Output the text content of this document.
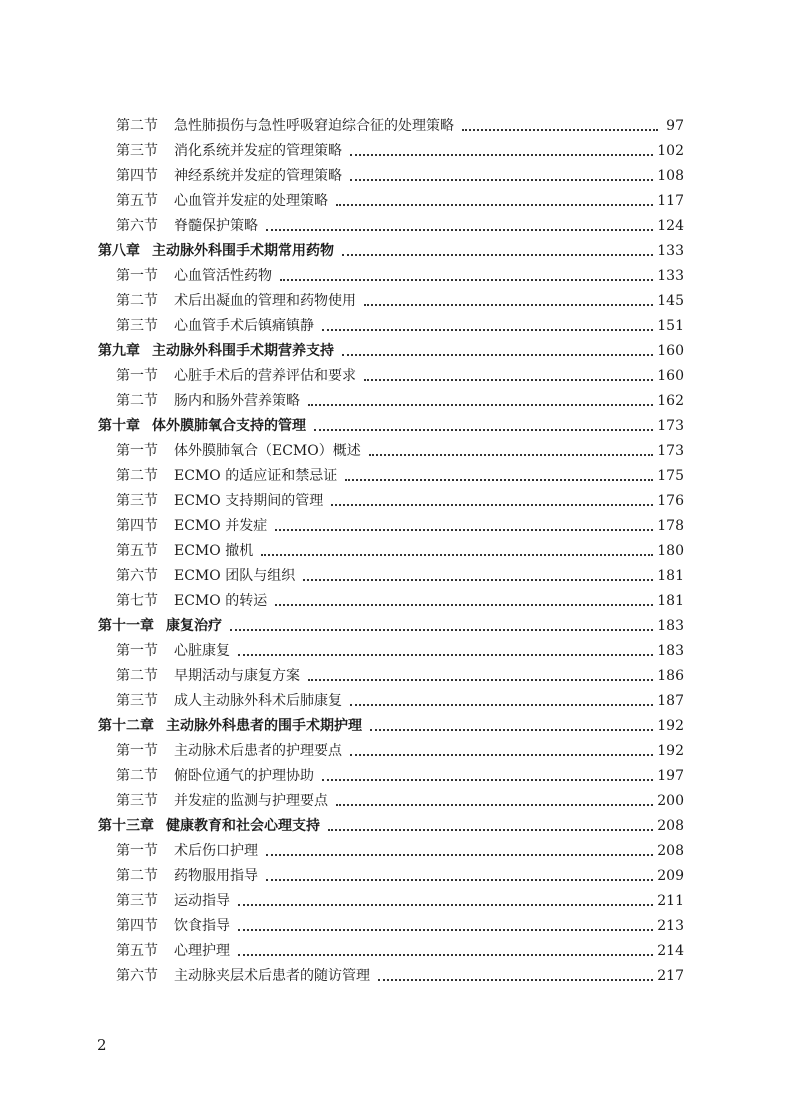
第二节	急性肺损伤与急性呼吸窘迫综合征的处理策略	97
第三节	消化系统并发症的管理策略	102
第四节	神经系统并发症的管理策略	108
第五节	心血管并发症的处理策略	117
第六节	脊髓保护策略	124
第八章 主动脉外科围手术期常用药物	133
第一节	心血管活性药物	133
第二节	术后出凝血的管理和药物使用	145
第三节	心血管手术后镇痛镇静	151
第九章 主动脉外科围手术期营养支持	160
第一节	心脏手术后的营养评估和要求	160
第二节	肠内和肠外营养策略	162
第十章 体外膜肺氧合支持的管理	173
第一节	体外膜肺氧合（ECMO）概述	173
第二节	ECMO 的适应证和禁忌证	175
第三节	ECMO 支持期间的管理	176
第四节	ECMO 并发症	178
第五节	ECMO 撤机	180
第六节	ECMO 团队与组织	181
第七节	ECMO 的转运	181
第十一章 康复治疗	183
第一节	心脏康复	183
第二节	早期活动与康复方案	186
第三节	成人主动脉外科术后肺康复	187
第十二章 主动脉外科患者的围手术期护理	192
第一节	主动脉术后患者的护理要点	192
第二节	俯卧位通气的护理协助	197
第三节	并发症的监测与护理要点	200
第十三章 健康教育和社会心理支持	208
第一节	术后伤口护理	208
第二节	药物服用指导	209
第三节	运动指导	211
第四节	饮食指导	213
第五节	心理护理	214
第六节	主动脉夹层术后患者的随访管理	217
2
